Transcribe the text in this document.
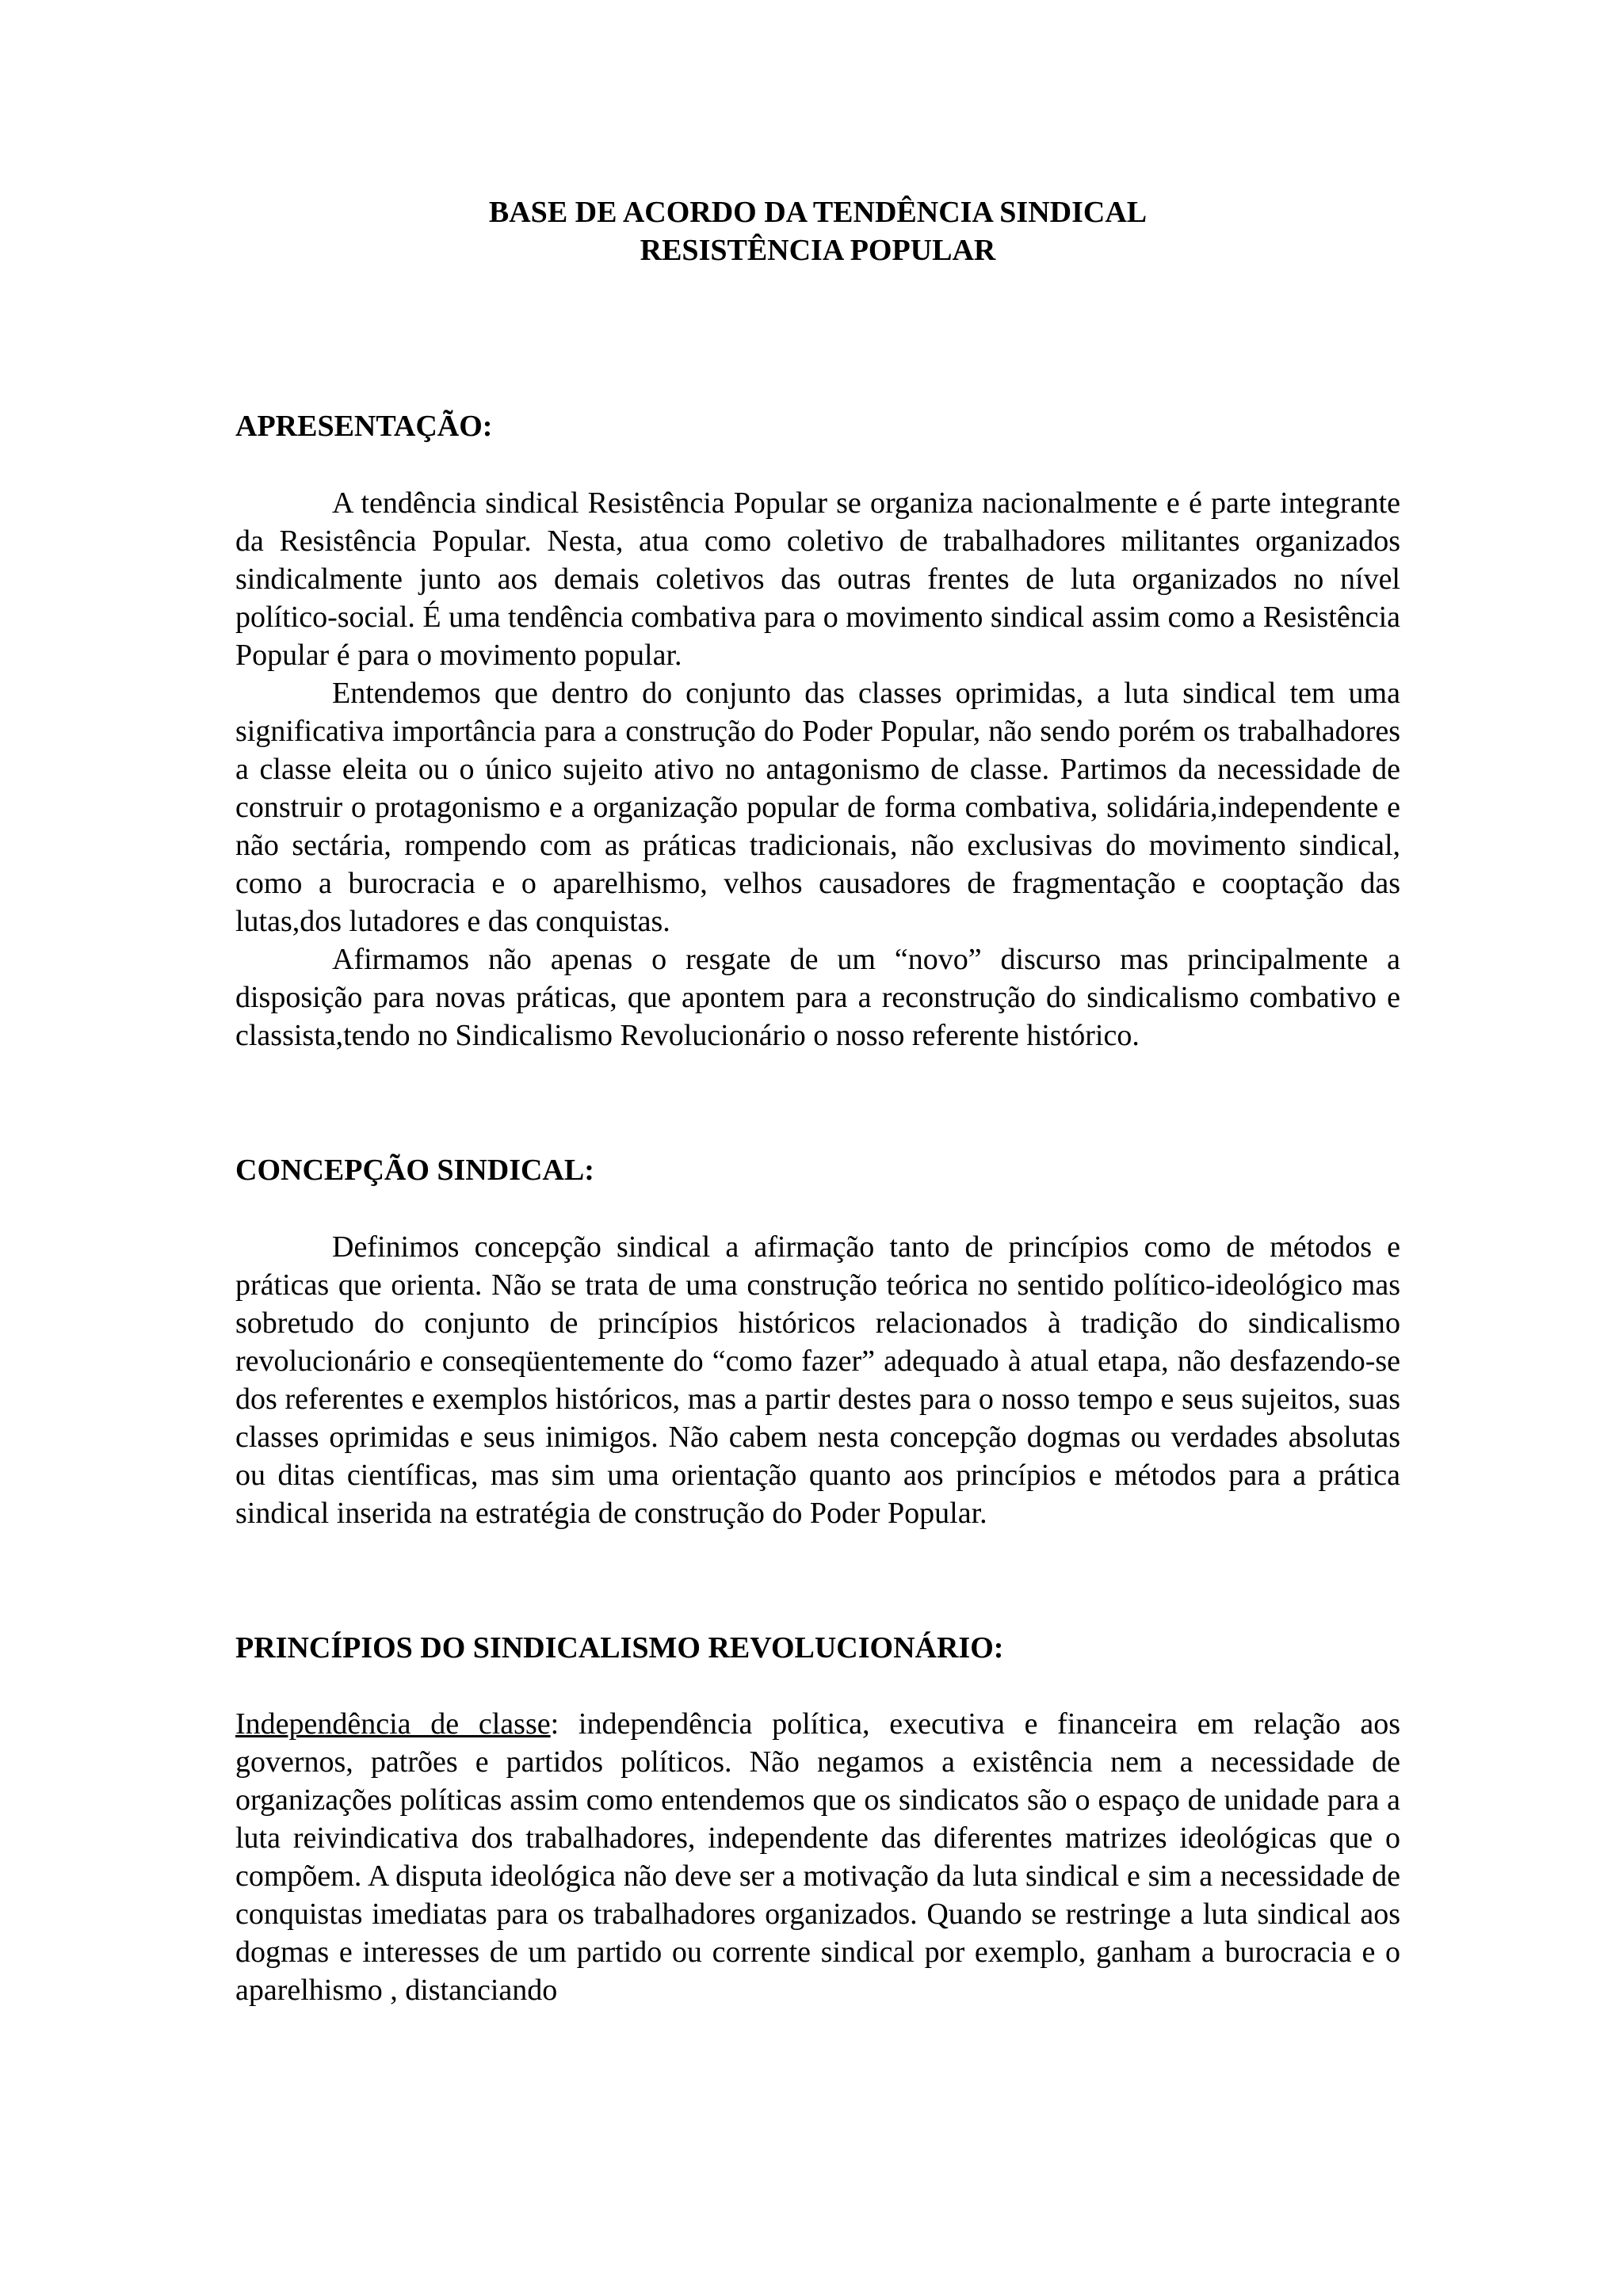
BASE DE ACORDO DA TENDÊNCIA SINDICAL

RESISTÊNCIA POPULAR

APRESENTAÇÃO:

A tendência sindical Resistência Popular se organiza nacionalmente e é parte integrante da Resistência Popular. Nesta, atua como coletivo de trabalhadores militantes organizados sindicalmente junto aos demais coletivos das outras frentes de luta organizados no nível político-social. É uma tendência combativa para o movimento sindical assim como a Resistência Popular é para o movimento popular.

Entendemos que dentro do conjunto das classes oprimidas, a luta sindical tem uma significativa importância para a construção do Poder Popular, não sendo porém os trabalhadores a classe eleita ou o único sujeito ativo no antagonismo de classe. Partimos da necessidade de construir o protagonismo e a organização popular de forma combativa, solidária,independente e não sectária, rompendo com as práticas tradicionais, não exclusivas do movimento sindical, como a burocracia e o aparelhismo, velhos causadores de fragmentação e cooptação das lutas,dos lutadores e das conquistas.

Afirmamos não apenas o resgate de um “novo” discurso mas principalmente a disposição para novas práticas, que apontem para a reconstrução do sindicalismo combativo e classista,tendo no Sindicalismo Revolucionário o nosso referente histórico.

CONCEPÇÃO SINDICAL:

Definimos concepção sindical a afirmação tanto de princípios como de métodos e práticas que orienta. Não se trata de uma construção teórica no sentido político-ideológico mas sobretudo do conjunto de princípios históricos relacionados à tradição do sindicalismo revolucionário e conseqüentemente do “como fazer” adequado à atual etapa, não desfazendo-se dos referentes e exemplos históricos, mas a partir destes para o nosso tempo e seus sujeitos, suas classes oprimidas e seus inimigos. Não cabem nesta concepção dogmas ou verdades absolutas ou ditas científicas, mas sim uma orientação quanto aos princípios e métodos para a prática sindical inserida na estratégia de construção do Poder Popular.

PRINCÍPIOS DO SINDICALISMO REVOLUCIONÁRIO:

Independência de classe: independência política, executiva e financeira em relação aos governos, patrões e partidos políticos. Não negamos a existência nem a necessidade de organizações políticas assim como entendemos que os sindicatos são o espaço de unidade para a luta reivindicativa dos trabalhadores, independente das diferentes matrizes ideológicas que o compõem. A disputa ideológica não deve ser a motivação da luta sindical e sim a necessidade de conquistas imediatas para os trabalhadores organizados. Quando se restringe a luta sindical aos dogmas e interesses de um partido ou corrente sindical por exemplo, ganham a burocracia e o aparelhismo , distanciando
